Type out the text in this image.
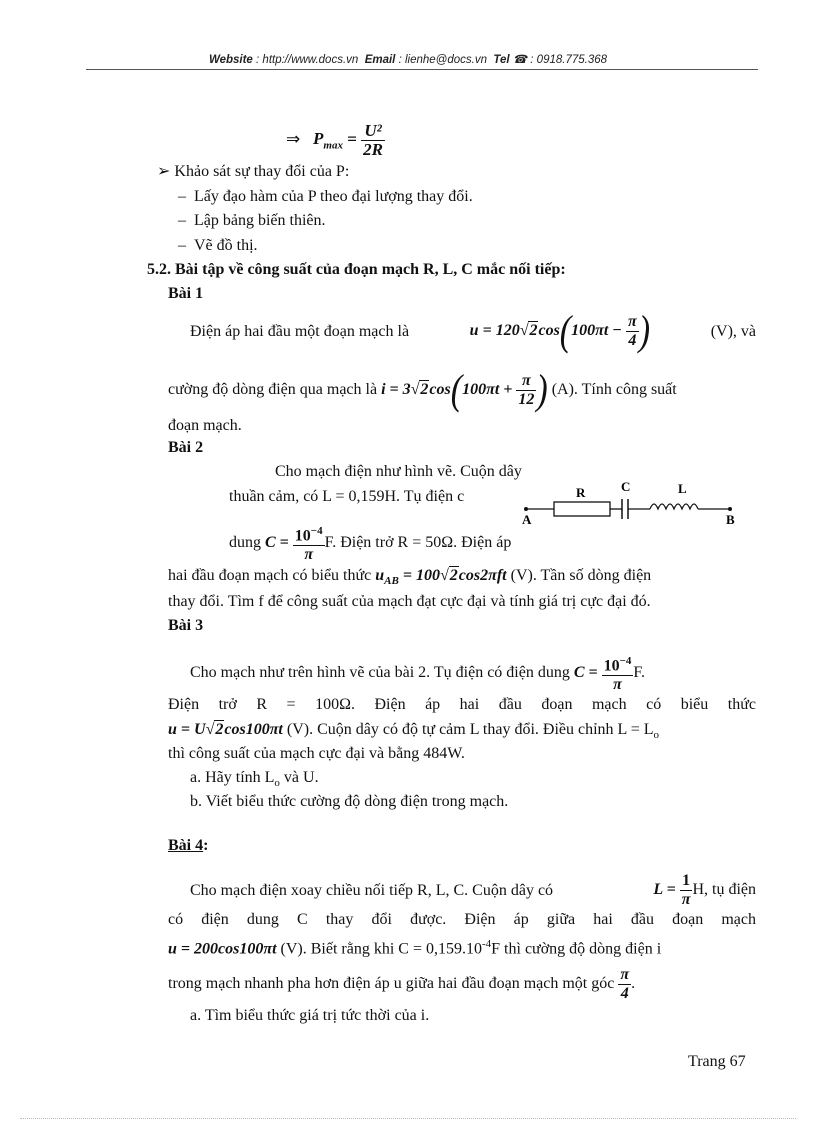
Website : http://www.docs.vn Email : lienhe@docs.vn Tel ☎ : 0918.775.368
⇒ $P_{max} = \frac{\text{U²}}{2R}$
➢ Khảo sát sự thay đổi của P:
–  Lấy đạo hàm của P theo đại lượng thay đổi.
–  Lập bảng biến thiên.
–  Vẽ đồ thị.
5.2. Bài tập về công suất của đoạn mạch R, L, C mắc nối tiếp:
Bài 1
Điện áp hai đầu một đoạn mạch là	$u = 120√2\cos(100\pi t - \frac{\pi}{4}$ )	(V), và
cường độ dòng điện qua mạch là $i = 3√2\cos(100\pi t + \frac{\pi}{12}$ ) (A). Tính công suất
đoạn mạch.
Bài 2
Cho mạch điện như hình vẽ. Cuộn dây
thuần cảm, có L = 0,159H. Tụ điện c
dung $C = \frac{10^{-4}}{\pi} F$. Điện trở R = 50Ω. Điện áp
A	B
R	C	L
hai đầu đoạn mạch có biểu thức $u_{AB} = 100√2\cos 2\pi ft$ (V). Tần số dòng điện
thay đổi. Tìm f để công suất của mạch đạt cực đại và tính giá trị cực đại đó.
Bài 3
Cho mạch như trên hình vẽ của bài 2. Tụ điện có điện dung $C = \frac{10^{-4}}{\pi} F$.
Điện trở R = 100Ω. Điện áp hai đầu đoạn mạch có biểu thức
u = U√2cos100πt (V). Cuộn dây có độ tự cảm L thay đổi. Điều chỉnh $L = L_o$
thì công suất của mạch cực đại và bằng 484W.
a. Hãy tính $L_o$ và U.
b. Viết biểu thức cường độ dòng điện trong mạch.
Bài 4:
Cho mạch điện xoay chiều nối tiếp R, L, C. Cuộn dây có	$L = \frac{1}{\pi} H$, tụ điện
có điện dung C thay đổi được. Điện áp giữa hai đầu đoạn mạch
u = 200cos100πt (V). Biết rằng khi $C = 0,159.10^{-4}F$ thì cường độ dòng điện i
trong mạch nhanh pha hơn điện áp u giữa hai đầu đoạn mạch một góc $\frac{\pi}{4}$ .
a. Tìm biểu thức giá trị tức thời của i.
Trang 67
